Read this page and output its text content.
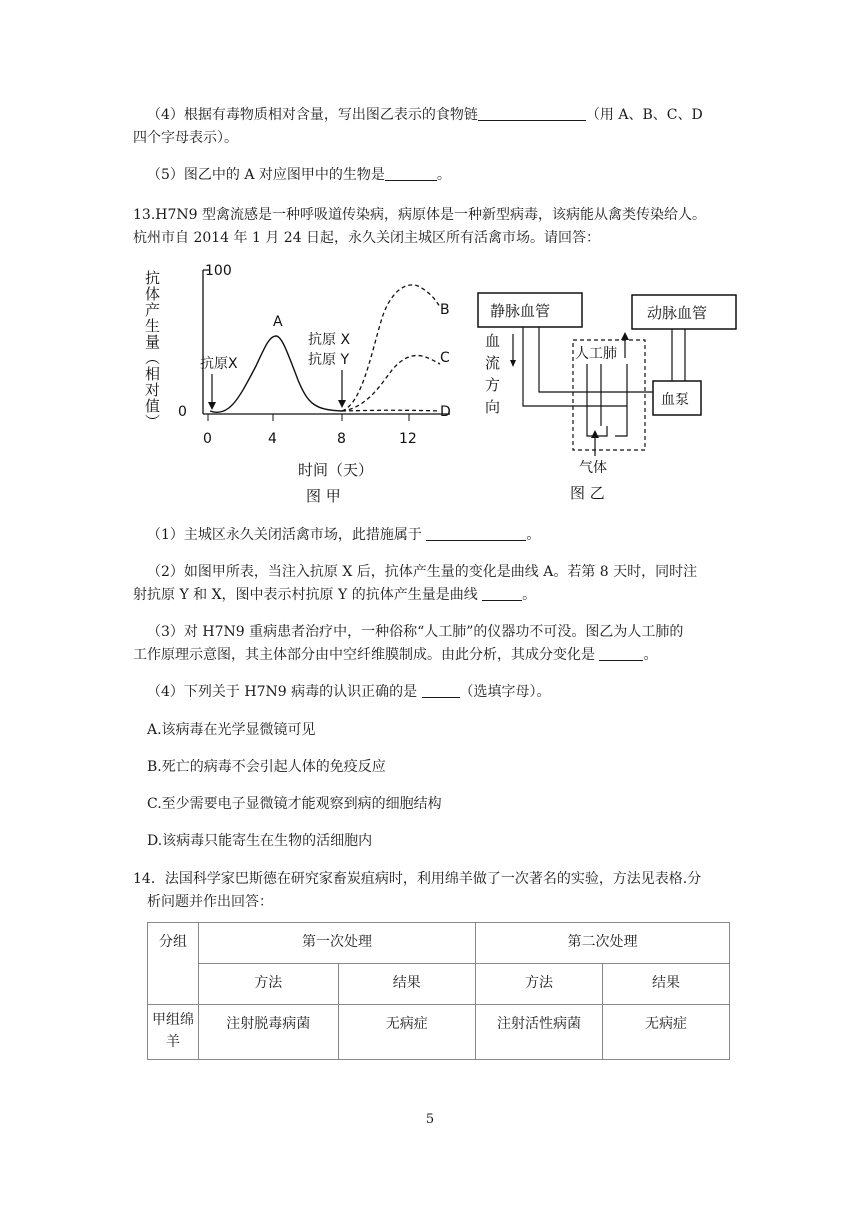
（4）根据有毒物质相对含量，写出图乙表示的食物链	（用 A、B、C、D
四个字母表示）。
（5）图乙中的 A 对应图甲中的生物是	。
13.H7N9 型禽流感是一种呼吸道传染病，病原体是一种新型病毒，该病能从禽类传染给人。
杭州市自 2014 年 1 月 24 日起，永久关闭主城区所有活禽市场。请回答：
抗体产生量（相对值）	100
0
0	4	8	12
时间（天）
图 甲
A
B
C
D
抗原X
抗原 X
抗原 Y
静脉血管	动脉血管
血泵
血
流
方
向
人工肺
气体
图 乙
（1）主城区永久关闭活禽市场，此措施属于	。
（2）如图甲所表，当注入抗原 X 后，抗体产生量的变化是曲线 A。若第 8 天时，同时注
射抗原 Y 和 X，图中表示村抗原 Y 的抗体产生量是曲线	。
（3）对 H7N9 重病患者治疗中，一种俗称“人工肺”的仪器功不可没。图乙为人工肺的
工作原理示意图，其主体部分由中空纤维膜制成。由此分析，其成分变化是	。
（4）下列关于 H7N9 病毒的认识正确的是	（选填字母）。
A.该病毒在光学显微镜可见
B.死亡的病毒不会引起人体的免疫反应
C.至少需要电子显微镜才能观察到病的细胞结构
D.该病毒只能寄生在生物的活细胞内
14．法国科学家巴斯德在研究家畜炭疽病时，利用绵羊做了一次著名的实验，方法见表格.分
析问题并作出回答：
分组	第一次处理		第二次处理	
	方法	结果	方法	结果
甲组绵羊	注射脱毒病菌	无病症	注射活性病菌	无病症
5
